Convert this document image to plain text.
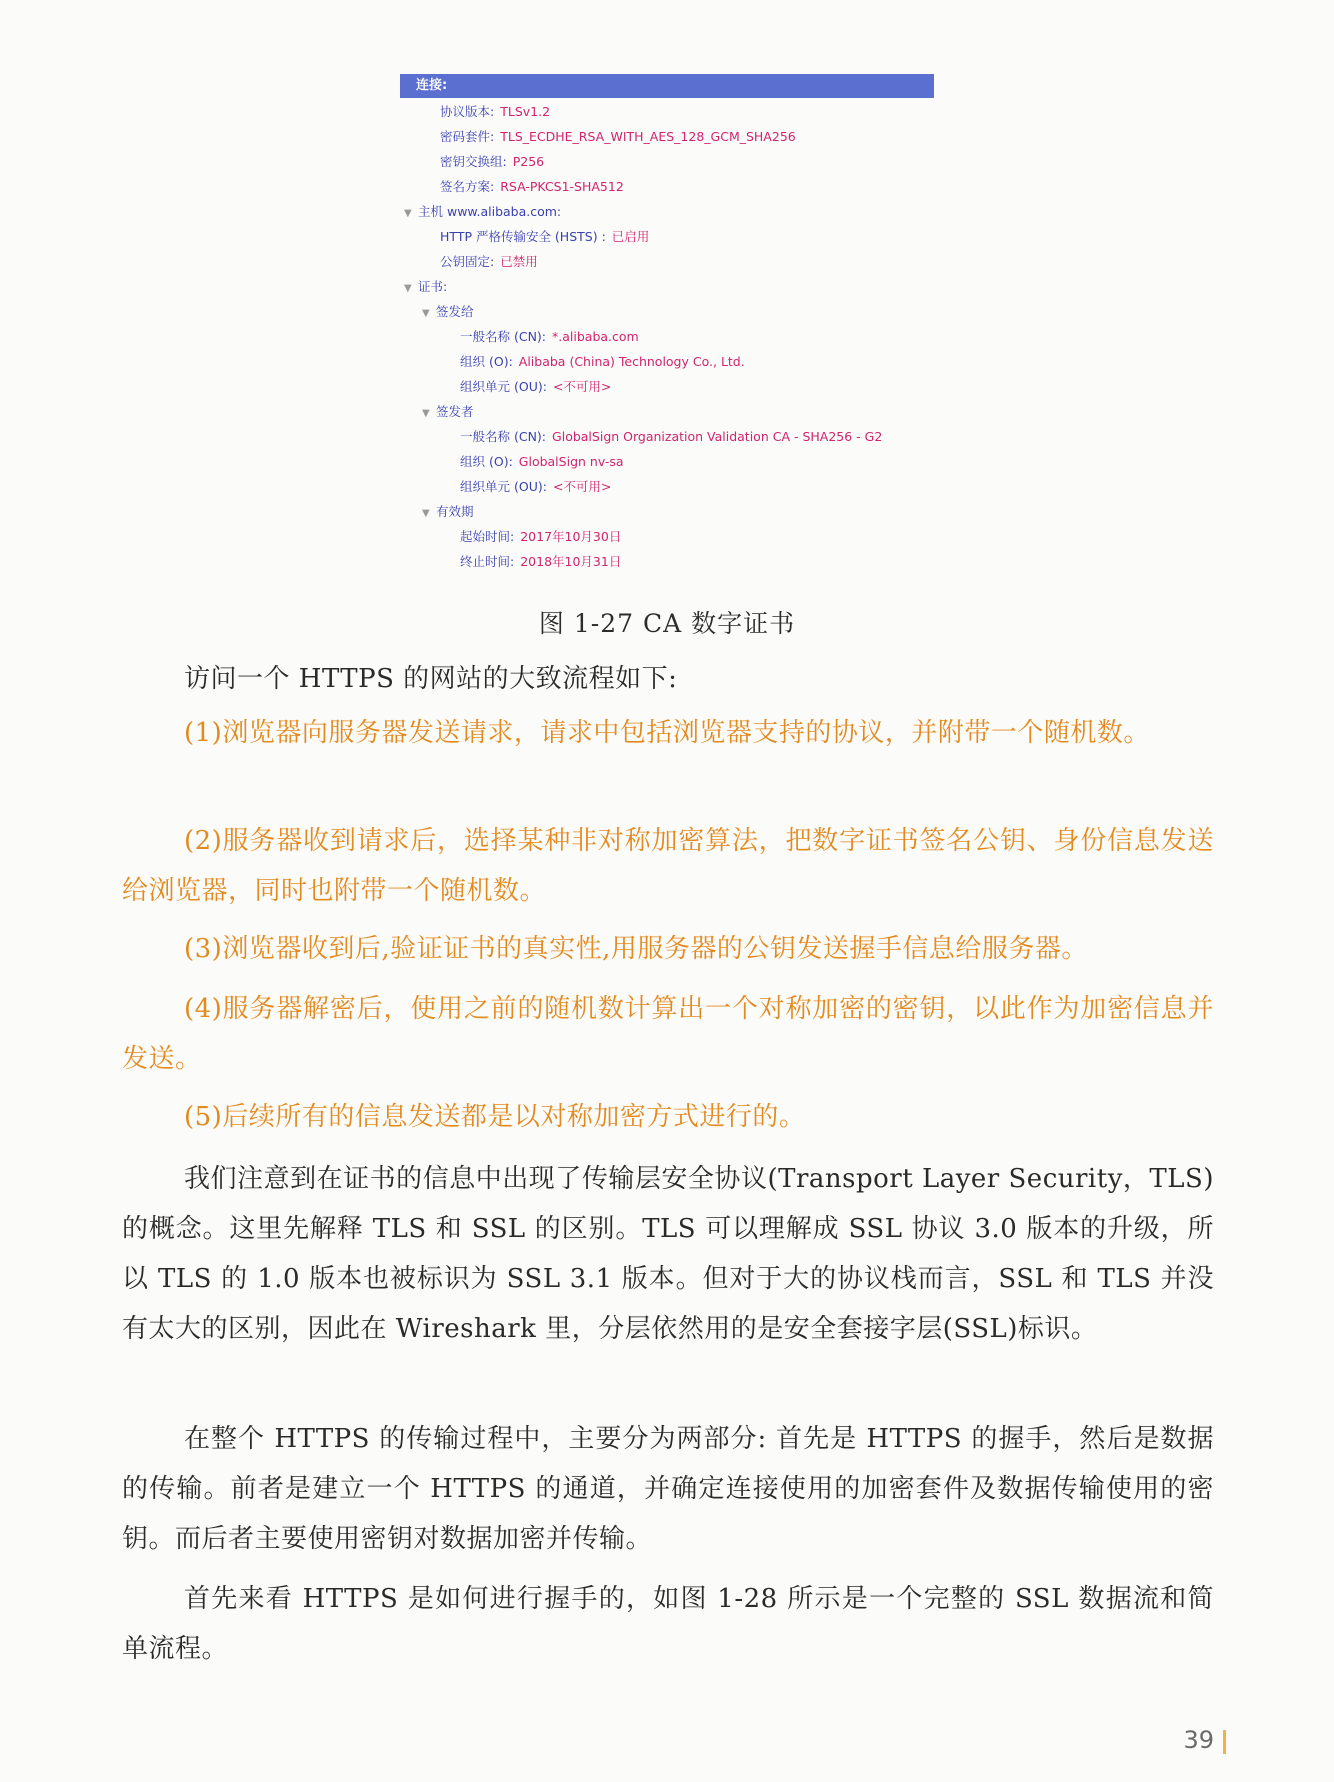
连接:
协议版本: TLSv1.2
密码套件: TLS_ECDHE_RSA_WITH_AES_128_GCM_SHA256
密钥交换组: P256
签名方案: RSA-PKCS1-SHA512
▼ 主机 www.alibaba.com:
HTTP 严格传输安全 (HSTS) : 已启用
公钥固定: 已禁用
▼ 证书:
▼ 签发给
一般名称 (CN): *.alibaba.com
组织 (O): Alibaba (China) Technology Co., Ltd.
组织单元 (OU): <不可用>
▼ 签发者
一般名称 (CN): GlobalSign Organization Validation CA - SHA256 - G2
组织 (O): GlobalSign nv-sa
组织单元 (OU): <不可用>
▼ 有效期
起始时间: 2017年10月30日
终止时间: 2018年10月31日
图 1-27 CA 数字证书

访问一个 HTTPS 的网站的大致流程如下:

(1)浏览器向服务器发送请求，请求中包括浏览器支持的协议，并附带一个随机数。

(2)服务器收到请求后，选择某种非对称加密算法，把数字证书签名公钥、身份信息发送给浏览器，同时也附带一个随机数。

(3)浏览器收到后,验证证书的真实性,用服务器的公钥发送握手信息给服务器。

(4)服务器解密后，使用之前的随机数计算出一个对称加密的密钥，以此作为加密信息并发送。

(5)后续所有的信息发送都是以对称加密方式进行的。

我们注意到在证书的信息中出现了传输层安全协议(Transport Layer Security，TLS)的概念。这里先解释 TLS 和 SSL 的区别。TLS 可以理解成 SSL 协议 3.0 版本的升级，所以 TLS 的 1.0 版本也被标识为 SSL 3.1 版本。但对于大的协议栈而言，SSL 和 TLS 并没有太大的区别，因此在 Wireshark 里，分层依然用的是安全套接字层(SSL)标识。

在整个 HTTPS 的传输过程中，主要分为两部分: 首先是 HTTPS 的握手，然后是数据的传输。前者是建立一个 HTTPS 的通道，并确定连接使用的加密套件及数据传输使用的密钥。而后者主要使用密钥对数据加密并传输。

首先来看 HTTPS 是如何进行握手的，如图 1-28 所示是一个完整的 SSL 数据流和简单流程。

39
